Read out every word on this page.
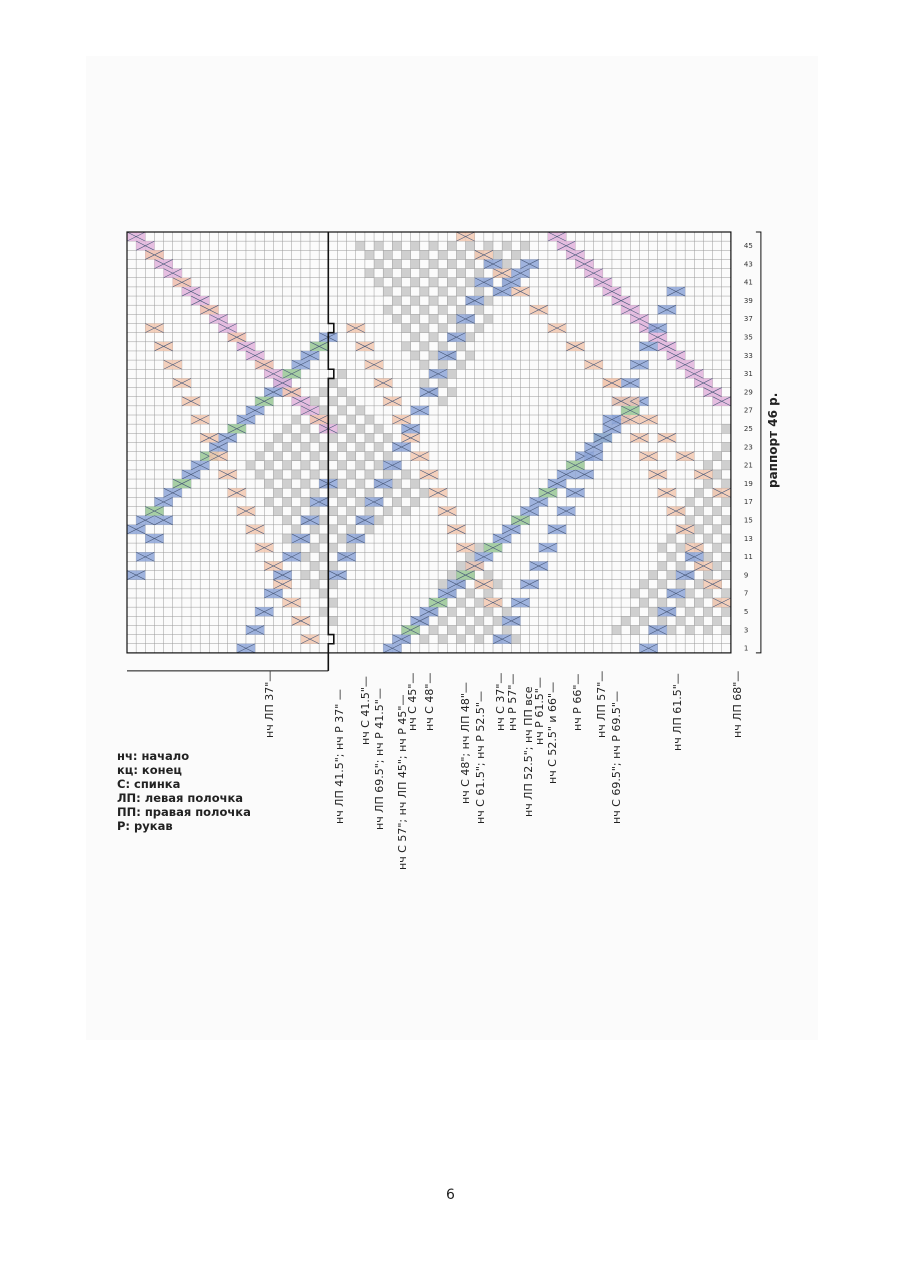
1
3
5
7
9
11
13
15
17
19
21
23
25
27
29
31
33
35
37
39
41
43
45
раппорт 46 р.
нч ЛП 37"—	нч ЛП 41.5"; нч Р 37" — нч С 41.5"— нч ЛП 69.5"; нч Р 41.5"— нч С 57"; нч ЛП 45"; нч Р 45"—
нч С 45"— нч С 48"— нч С 48"; нч ЛП 48"— нч С 61.5"; нч Р 52.5"— нч С 37"— нч Р 57"— нч ЛП 52.5"; нч ПП все
нч Р 61.5"— нч С 52.5" и 66"— нч Р 66"— нч ЛП 57"— нч С 69.5"; нч Р 69.5"—	нч ЛП 61.5"—	нч ЛП 68"—
нч: начало
кц: конец
С: спинка
ЛП: левая полочка
ПП: правая полочка
Р: рукав
6
